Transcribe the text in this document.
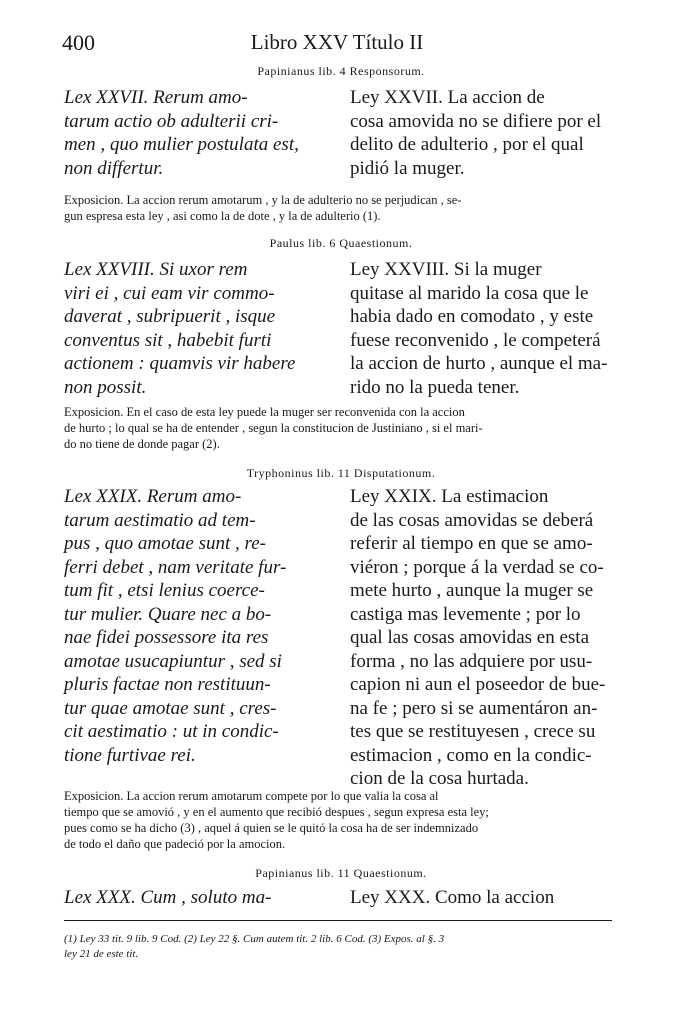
400	Libro XXV Título II
Papinianus lib. 4 Responsorum.
Lex XXVII. Rerum amo-
tarum actio ob adulterii cri-
men , quo mulier postulata est,
non differtur.
Ley XXVII. La accion de
cosa amovida no se difiere por el
delito de adulterio , por el qual
pidió la muger.
Exposicion. La accion rerum amotarum , y la de adulterio no se perjudican , se-
gun espresa esta ley , asi como la de dote , y la de adulterio (1).
Paulus lib. 6 Quaestionum.
Lex XXVIII. Si uxor rem
viri ei , cui eam vir commo-
daverat , subripuerit , isque
conventus sit , habebit furti
actionem : quamvis vir habere
non possit.
Ley XXVIII. Si la muger
quitase al marido la cosa que le
habia dado en comodato , y este
fuese reconvenido , le competerá
la accion de hurto , aunque el ma-
rido no la pueda tener.
Exposicion. En el caso de esta ley puede la muger ser reconvenida con la accion
de hurto ; lo qual se ha de entender , segun la constitucion de Justiniano , si el mari-
do no tiene de donde pagar (2).
Tryphoninus lib. 11 Disputationum.
Lex XXIX. Rerum amo-
tarum aestimatio ad tem-
pus , quo amotae sunt , re-
ferri debet , nam veritate fur-
tum fit , etsi lenius coerce-
tur mulier. Quare nec a bo-
nae fidei possessore ita res
amotae usucapiuntur , sed si
pluris factae non restituun-
tur quae amotae sunt , cres-
cit aestimatio : ut in condic-
tione furtivae rei.
Ley XXIX. La estimacion
de las cosas amovidas se deberá
referir al tiempo en que se amo-
viéron ; porque á la verdad se co-
mete hurto , aunque la muger se
castiga mas levemente ; por lo
qual las cosas amovidas en esta
forma , no las adquiere por usu-
capion ni aun el poseedor de bue-
na fe ; pero si se aumentáron an-
tes que se restituyesen , crece su
estimacion , como en la condic-
cion de la cosa hurtada.
Exposicion. La accion rerum amotarum compete por lo que valia la cosa al
tiempo que se amovió , y en el aumento que recibió despues , segun expresa esta ley;
pues como se ha dicho (3) , aquel á quien se le quitó la cosa ha de ser indemnizado
de todo el daño que padeció por la amocion.
Papinianus lib. 11 Quaestionum.
Lex XXX. Cum , soluto ma-	Ley XXX. Como la accion
(1) Ley 33 tit. 9 lib. 9 Cod. (2) Ley 22 §. Cum autem tit. 2 lib. 6 Cod. (3) Expos. al §. 3
ley 21 de este tit.
